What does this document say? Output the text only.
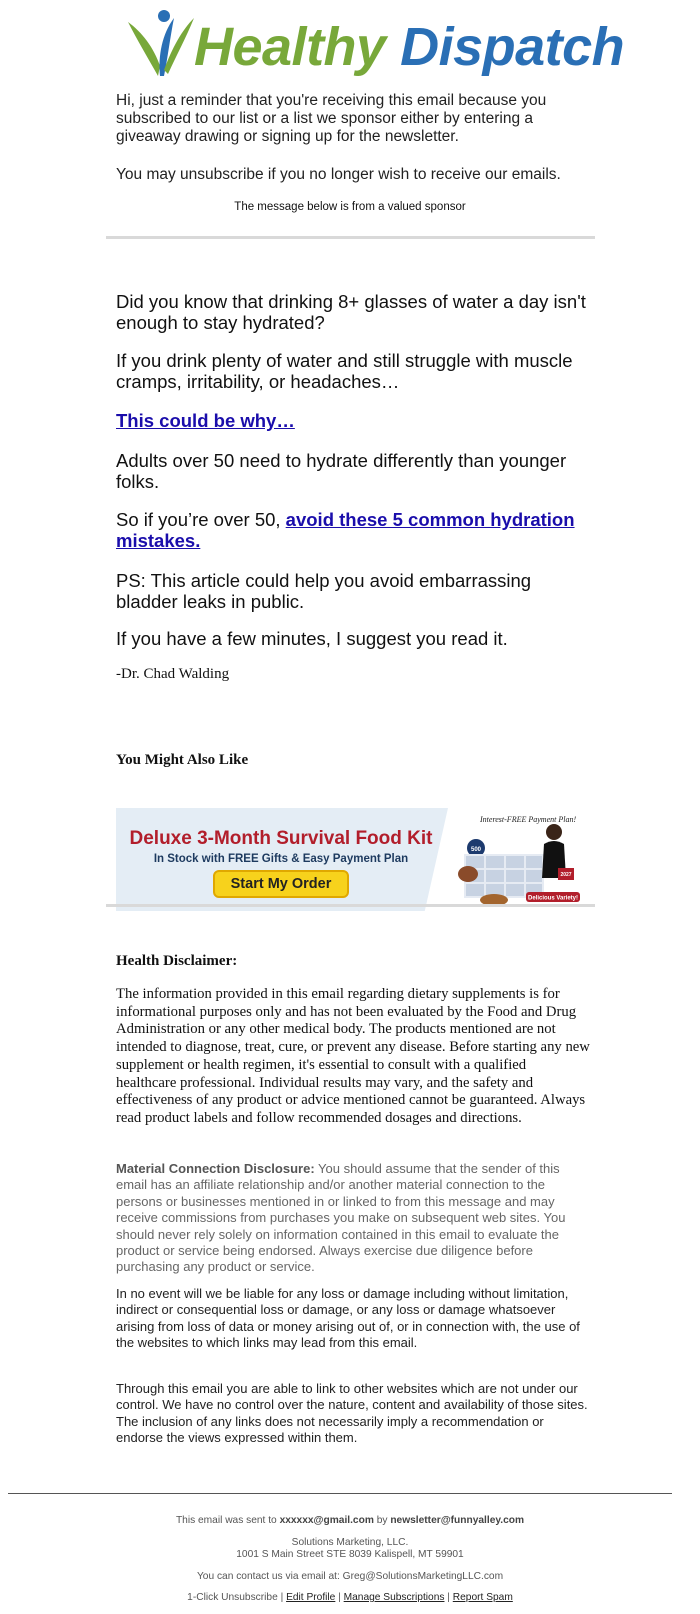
Healthy Dispatch

Hi, just a reminder that you're receiving this email because you subscribed to our list or a list we sponsor either by entering a giveaway drawing or signing up for the newsletter.

You may unsubscribe if you no longer wish to receive our emails.
The message below is from a valued sponsor

Did you know that drinking 8+ glasses of water a day isn't enough to stay hydrated?

If you drink plenty of water and still struggle with muscle cramps, irritability, or headaches…

This could be why…

Adults over 50 need to hydrate differently than younger folks.

So if you’re over 50, avoid these 5 common hydration mistakes.

PS: This article could help you avoid embarrassing bladder leaks in public.

If you have a few minutes, I suggest you read it.

-Dr. Chad Walding
You Might Also Like
Deluxe 3-Month Survival Food Kit
In Stock with FREE Gifts & Easy Payment Plan
Start My Order
Interest-FREE Payment Plan!
500
2027
Delicious Variety!
Health Disclaimer:

The information provided in this email regarding dietary supplements is for informational purposes only and has not been evaluated by the Food and Drug Administration or any other medical body. The products mentioned are not intended to diagnose, treat, cure, or prevent any disease. Before starting any new supplement or health regimen, it's essential to consult with a qualified healthcare professional. Individual results may vary, and the safety and effectiveness of any product or advice mentioned cannot be guaranteed. Always read product labels and follow recommended dosages and directions.

Material Connection Disclosure: You should assume that the sender of this email has an affiliate relationship and/or another material connection to the persons or businesses mentioned in or linked to from this message and may receive commissions from purchases you make on subsequent web sites. You should never rely solely on information contained in this email to evaluate the product or service being endorsed. Always exercise due diligence before purchasing any product or service.

In no event will we be liable for any loss or damage including without limitation, indirect or consequential loss or damage, or any loss or damage whatsoever arising from loss of data or money arising out of, or in connection with, the use of the websites to which links may lead from this email.

Through this email you are able to link to other websites which are not under our control. We have no control over the nature, content and availability of those sites. The inclusion of any links does not necessarily imply a recommendation or endorse the views expressed within them.

This email was sent to xxxxxx@gmail.com by newsletter@funnyalley.com
Solutions Marketing, LLC.
1001 S Main Street STE 8039 Kalispell, MT 59901
You can contact us via email at: Greg@SolutionsMarketingLLC.com
1-Click Unsubscribe | Edit Profile | Manage Subscriptions | Report Spam
